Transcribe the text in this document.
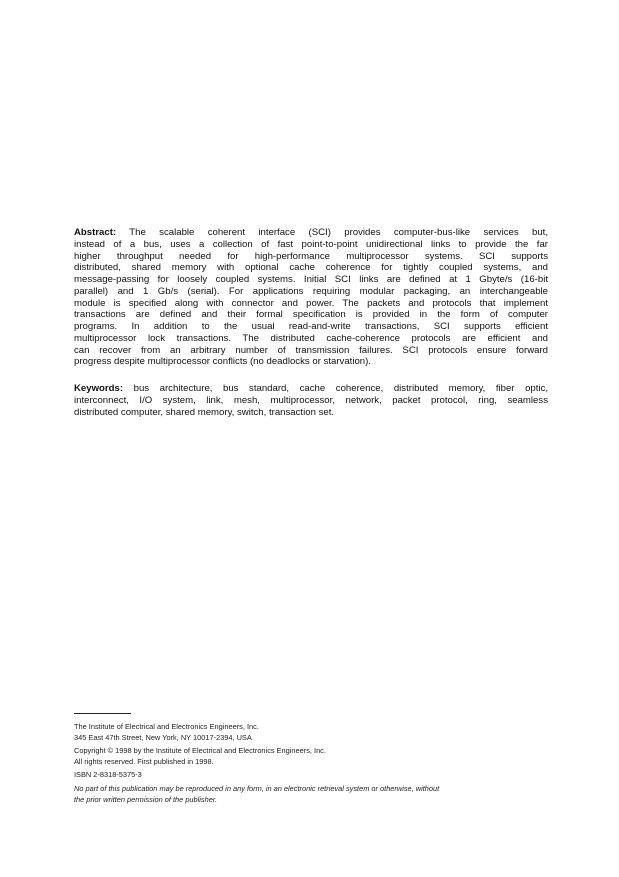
Abstract: The scalable coherent interface (SCI) provides computer-bus-like services but,
instead of a bus, uses a collection of fast point-to-point unidirectional links to provide the far
higher throughput needed for high-performance multiprocessor systems. SCI supports
distributed, shared memory with optional cache coherence for tightly coupled systems, and
message-passing for loosely coupled systems. Initial SCI links are defined at 1 Gbyte/s (16-bit
parallel) and 1 Gb/s (serial). For applications requiring modular packaging, an interchangeable
module is specified along with connector and power. The packets and protocols that implement
transactions are defined and their formal specification is provided in the form of computer
programs. In addition to the usual read-and-write transactions, SCI supports efficient
multiprocessor lock transactions. The distributed cache-coherence protocols are efficient and
can recover from an arbitrary number of transmission failures. SCI protocols ensure forward
progress despite multiprocessor conflicts (no deadlocks or starvation).
Keywords: bus architecture, bus standard, cache coherence, distributed memory, fiber optic,
interconnect, I/O system, link, mesh, multiprocessor, network, packet protocol, ring, seamless
distributed computer, shared memory, switch, transaction set.
The Institute of Electrical and Electronics Engineers, Inc.
345 East 47th Street, New York, NY 10017-2394, USA
Copyright © 1998 by the Institute of Electrical and Electronics Engineers, Inc.
All rights reserved. First published in 1998.
ISBN 2-8318-5375-3
No part of this publication may be reproduced in any form, in an electronic retrieval system or otherwise, without
the prior written permission of the publisher.
